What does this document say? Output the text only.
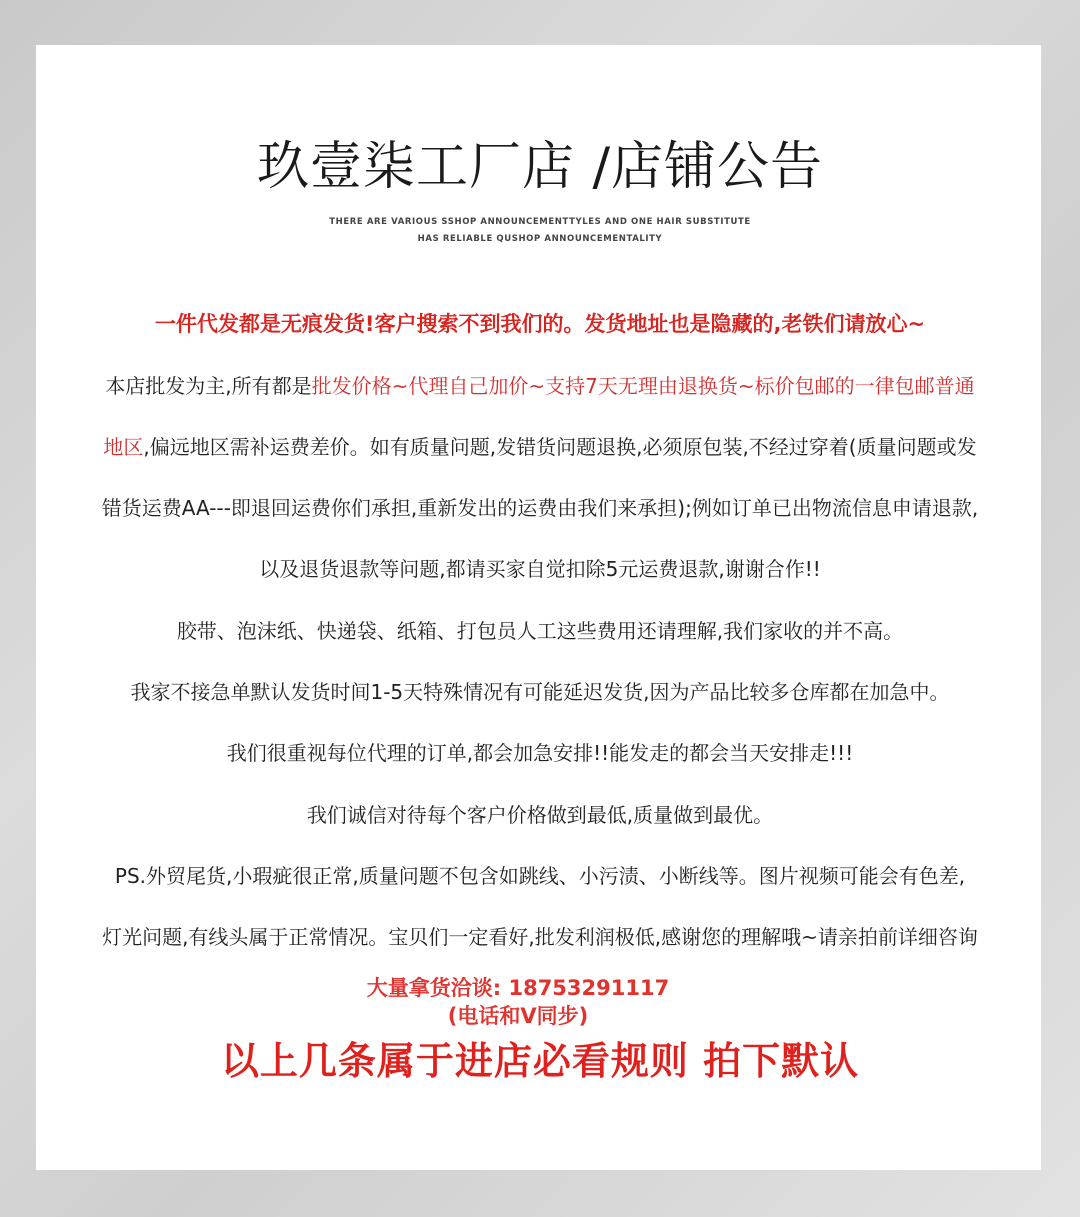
玖壹柒工厂店 /店铺公告
THERE ARE VARIOUS SSHOP ANNOUNCEMENTTYLES AND ONE HAIR SUBSTITUTE
HAS RELIABLE QUSHOP ANNOUNCEMENTALITY
一件代发都是无痕发货!客户搜索不到我们的。发货地址也是隐藏的,老铁们请放心~
本店批发为主,所有都是批发价格~代理自己加价~支持7天无理由退换货~标价包邮的一律包邮普通
地区,偏远地区需补运费差价。如有质量问题,发错货问题退换,必须原包装,不经过穿着(质量问题或发
错货运费AA---即退回运费你们承担,重新发出的运费由我们来承担);例如订单已出物流信息申请退款,
以及退货退款等问题,都请买家自觉扣除5元运费退款,谢谢合作!!
胶带、泡沫纸、快递袋、纸箱、打包员人工这些费用还请理解,我们家收的并不高。
我家不接急单默认发货时间1-5天特殊情况有可能延迟发货,因为产品比较多仓库都在加急中。
我们很重视每位代理的订单,都会加急安排!!能发走的都会当天安排走!!!
我们诚信对待每个客户价格做到最低,质量做到最优。
PS.外贸尾货,小瑕疵很正常,质量问题不包含如跳线、小污渍、小断线等。图片视频可能会有色差,
灯光问题,有线头属于正常情况。宝贝们一定看好,批发利润极低,感谢您的理解哦~请亲拍前详细咨询
大量拿货洽谈: 18753291117
(电话和V同步)
以上几条属于进店必看规则 拍下默认
